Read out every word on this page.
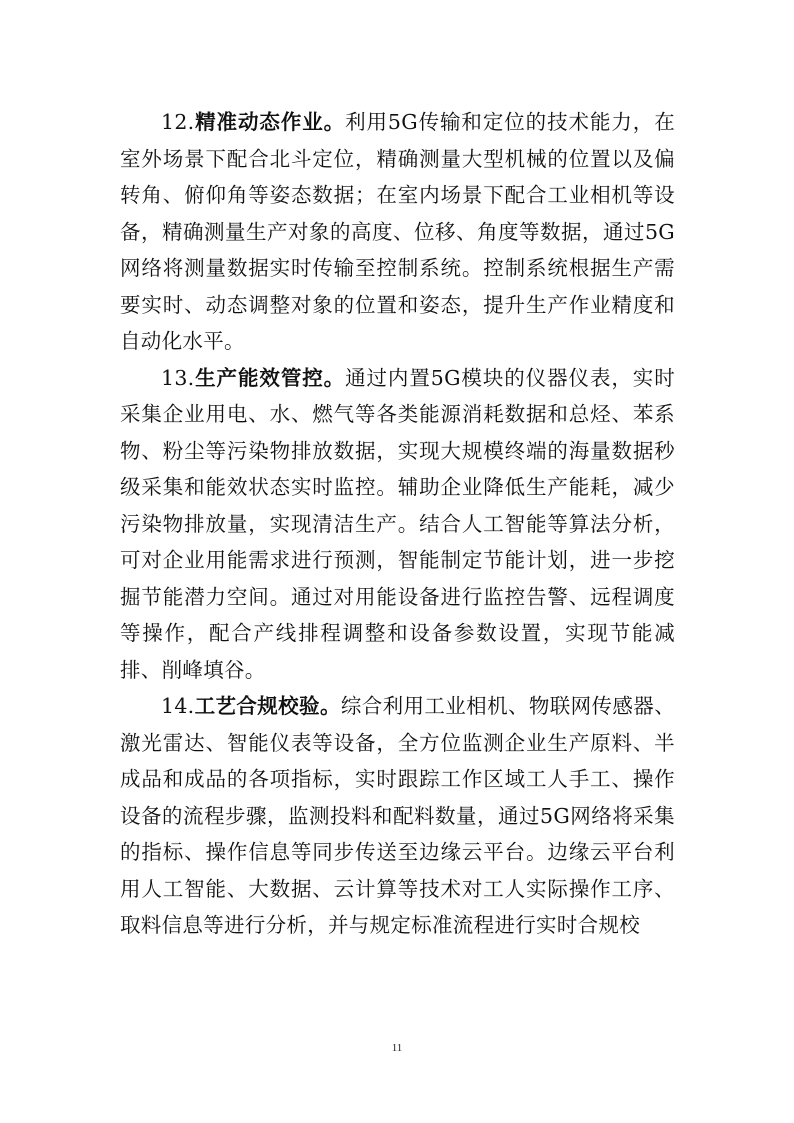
12.精准动态作业。利用5G传输和定位的技术能力，在室外场景下配合北斗定位，精确测量大型机械的位置以及偏转角、俯仰角等姿态数据；在室内场景下配合工业相机等设备，精确测量生产对象的高度、位移、角度等数据，通过5G网络将测量数据实时传输至控制系统。控制系统根据生产需要实时、动态调整对象的位置和姿态，提升生产作业精度和自动化水平。

13.生产能效管控。通过内置5G模块的仪器仪表，实时采集企业用电、水、燃气等各类能源消耗数据和总烃、苯系物、粉尘等污染物排放数据，实现大规模终端的海量数据秒级采集和能效状态实时监控。辅助企业降低生产能耗，减少污染物排放量，实现清洁生产。结合人工智能等算法分析，可对企业用能需求进行预测，智能制定节能计划，进一步挖掘节能潜力空间。通过对用能设备进行监控告警、远程调度等操作，配合产线排程调整和设备参数设置，实现节能减排、削峰填谷。

14.工艺合规校验。综合利用工业相机、物联网传感器、激光雷达、智能仪表等设备，全方位监测企业生产原料、半成品和成品的各项指标，实时跟踪工作区域工人手工、操作设备的流程步骤，监测投料和配料数量，通过5G网络将采集的指标、操作信息等同步传送至边缘云平台。边缘云平台利用人工智能、大数据、云计算等技术对工人实际操作工序、取料信息等进行分析，并与规定标准流程进行实时合规校

11
